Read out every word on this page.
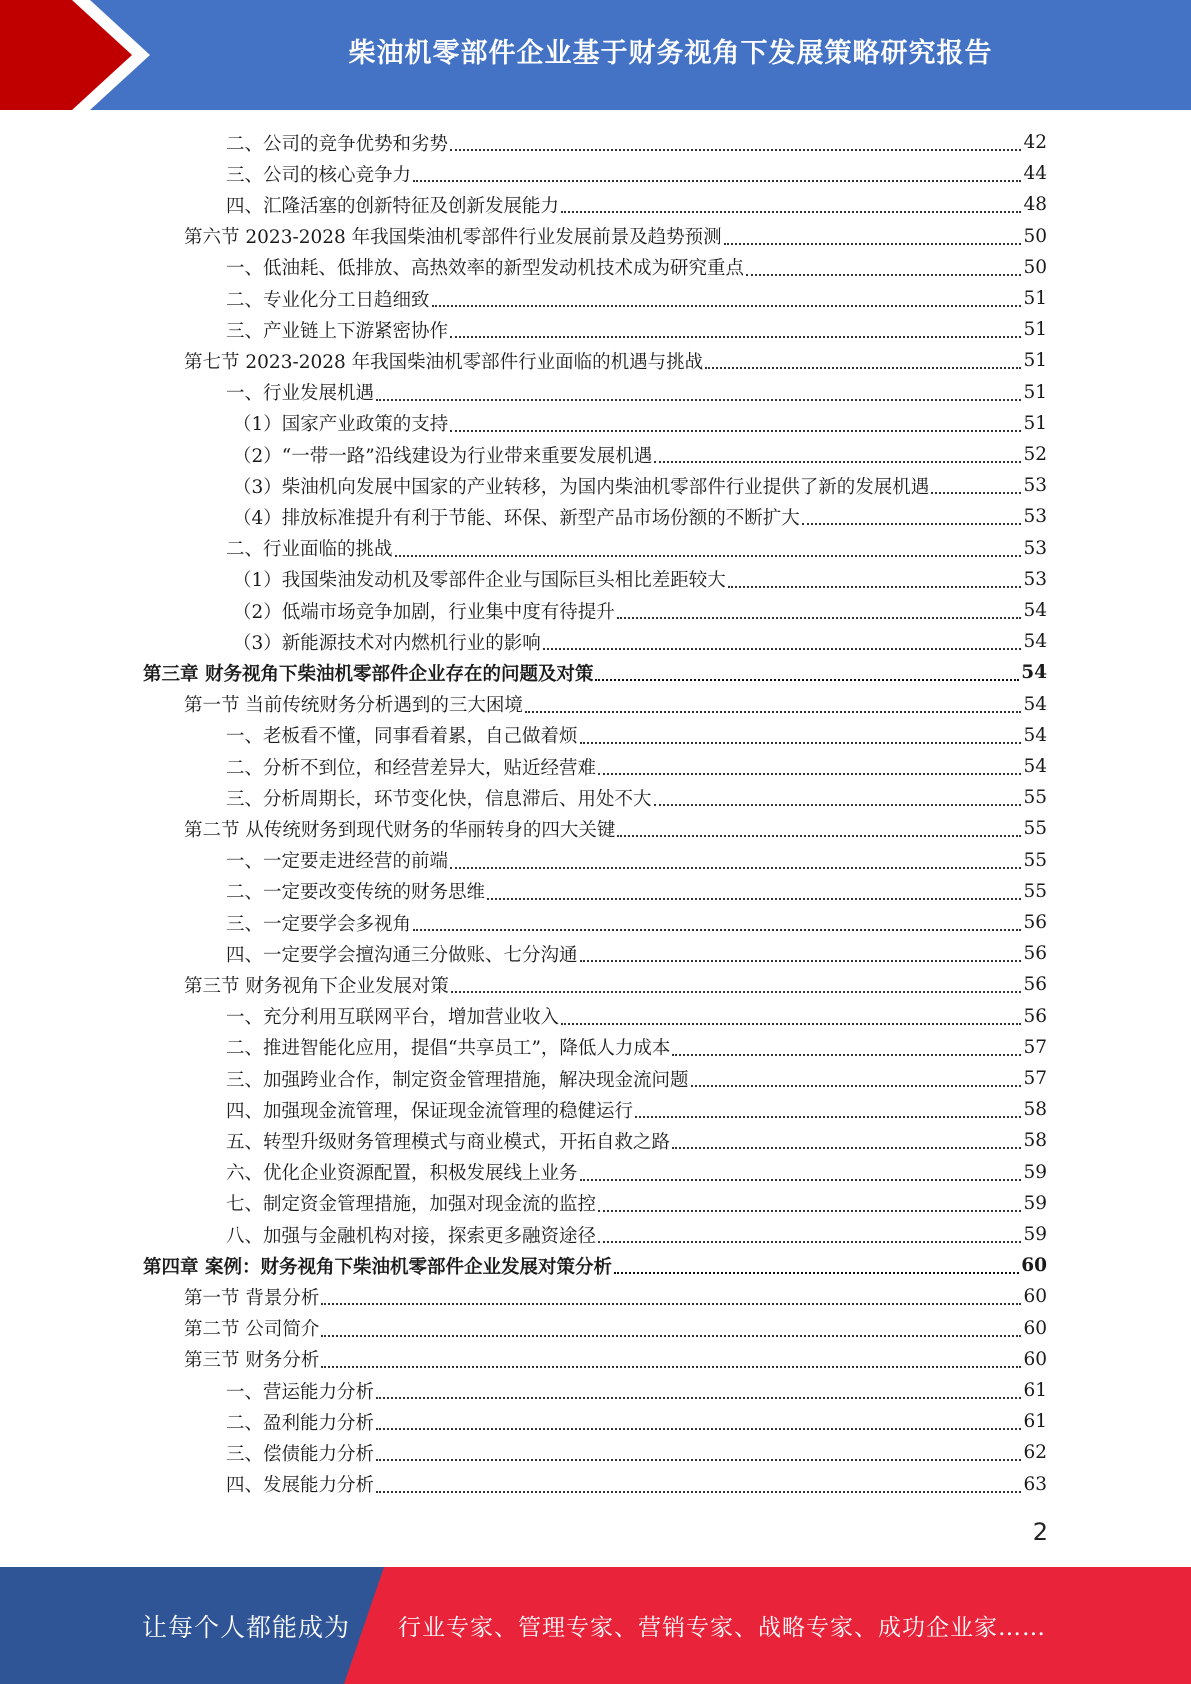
柴油机零部件企业基于财务视角下发展策略研究报告
二、公司的竞争优势和劣势	42
三、公司的核心竞争力	44
四、汇隆活塞的创新特征及创新发展能力	48
第六节 2023-2028 年我国柴油机零部件行业发展前景及趋势预测	50
一、低油耗、低排放、高热效率的新型发动机技术成为研究重点	50
二、专业化分工日趋细致	51
三、产业链上下游紧密协作	51
第七节 2023-2028 年我国柴油机零部件行业面临的机遇与挑战	51
一、行业发展机遇	51
（1）国家产业政策的支持	51
（2）“一带一路”沿线建设为行业带来重要发展机遇	52
（3）柴油机向发展中国家的产业转移，为国内柴油机零部件行业提供了新的发展机遇	53
（4）排放标准提升有利于节能、环保、新型产品市场份额的不断扩大	53
二、行业面临的挑战	53
（1）我国柴油发动机及零部件企业与国际巨头相比差距较大	53
（2）低端市场竞争加剧，行业集中度有待提升	54
（3）新能源技术对内燃机行业的影响	54
第三章 财务视角下柴油机零部件企业存在的问题及对策	54
第一节 当前传统财务分析遇到的三大困境	54
一、老板看不懂，同事看着累，自己做着烦	54
二、分析不到位，和经营差异大，贴近经营难	54
三、分析周期长，环节变化快，信息滞后、用处不大	55
第二节 从传统财务到现代财务的华丽转身的四大关键	55
一、一定要走进经营的前端	55
二、一定要改变传统的财务思维	55
三、一定要学会多视角	56
四、一定要学会擅沟通三分做账、七分沟通	56
第三节 财务视角下企业发展对策	56
一、充分利用互联网平台，增加营业收入	56
二、推进智能化应用，提倡“共享员工”，降低人力成本	57
三、加强跨业合作，制定资金管理措施，解决现金流问题	57
四、加强现金流管理，保证现金流管理的稳健运行	58
五、转型升级财务管理模式与商业模式，开拓自救之路	58
六、优化企业资源配置，积极发展线上业务	59
七、制定资金管理措施，加强对现金流的监控	59
八、加强与金融机构对接，探索更多融资途径	59
第四章 案例：财务视角下柴油机零部件企业发展对策分析	60
第一节 背景分析	60
第二节 公司简介	60
第三节 财务分析	60
一、营运能力分析	61
二、盈利能力分析	61
三、偿债能力分析	62
四、发展能力分析	63
2
让每个人都能成为 行业专家、管理专家、营销专家、战略专家、成功企业家……
